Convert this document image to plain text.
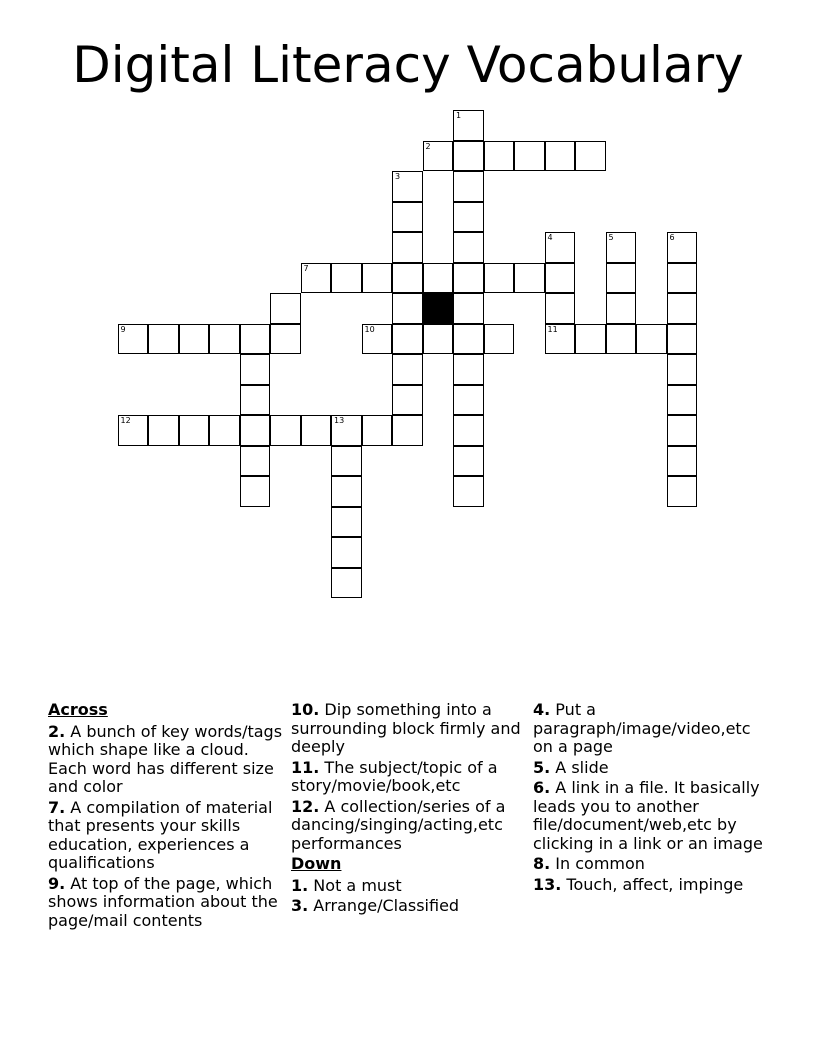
Digital Literacy Vocabulary
1
2
3
4	5	6
7
9	10	11
12	13
Across
2. A bunch of key words/tags which shape like a cloud. Each word has different size and color
7. A compilation of material that presents your skills education, experiences a qualifications
9. At top of the page, which shows information about the page/mail contents
10. Dip something into a surrounding block firmly and deeply
11. The subject/topic of a story/movie/book,etc
12. A collection/series of a dancing/singing/acting,etc performances
Down
1. Not a must
3. Arrange/Classified
4. Put a paragraph/image/video,etc on a page
5. A slide
6. A link in a file. It basically leads you to another file/document/web,etc by clicking in a link or an image
8. In common
13. Touch, affect, impinge
